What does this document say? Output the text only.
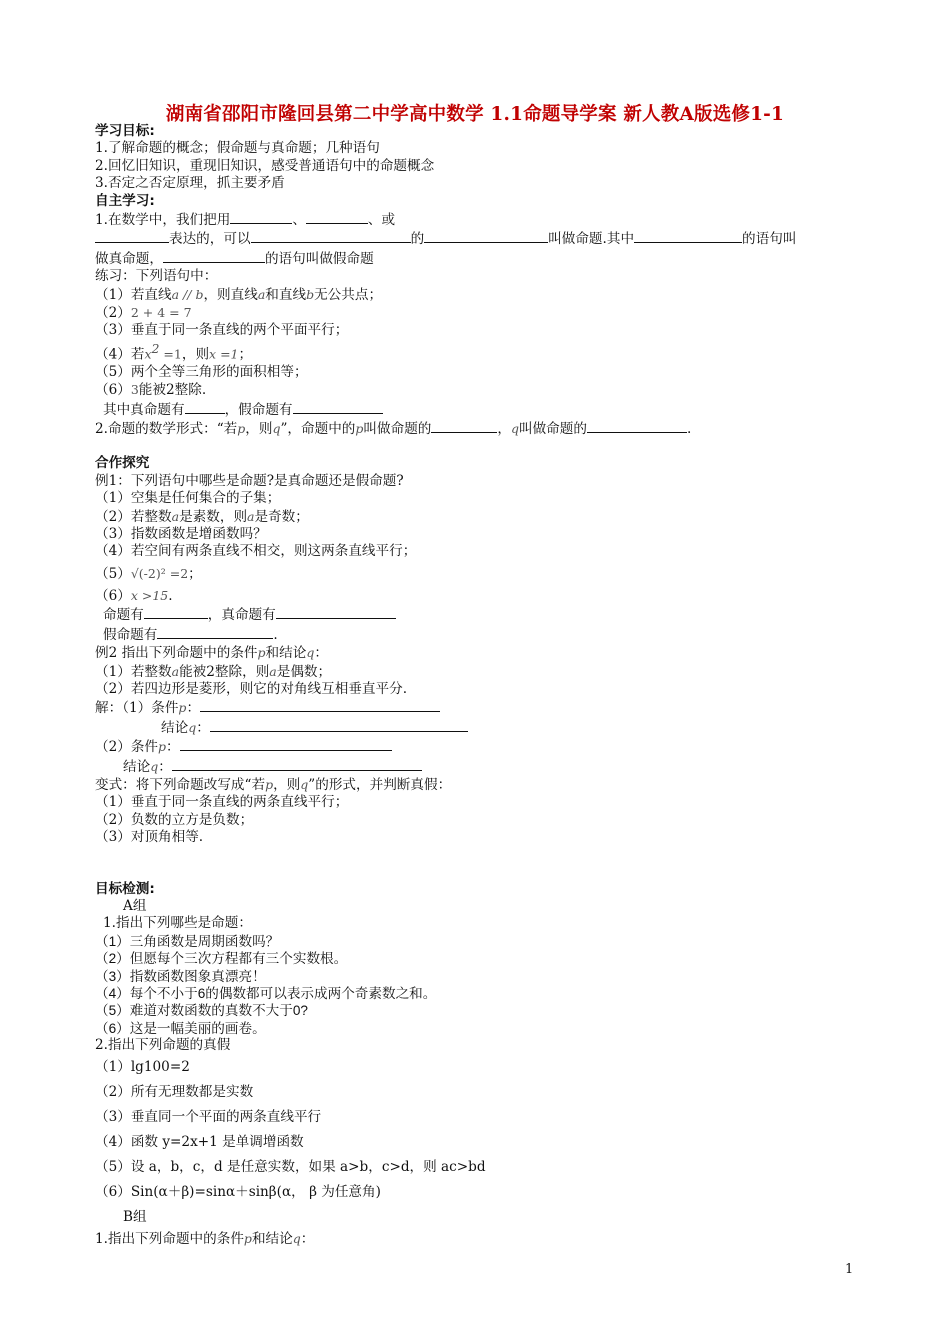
湖南省邵阳市隆回县第二中学高中数学 1.1命题导学案 新人教A版选修1-1
学习目标:
1.了解命题的概念；假命题与真命题；几种语句
2.回忆旧知识，重现旧知识，感受普通语句中的命题概念
3.否定之否定原理，抓主要矛盾
自主学习:
1.在数学中，我们把用	、	、或
表达的，可以	的	叫做命题.其中	的语句叫
做真命题，	的语句叫做假命题
练习：下列语句中：
（1）若直线a // b，则直线a和直线b无公共点；
（2）2 + 4 = 7
（3）垂直于同一条直线的两个平面平行；
（4）若$x^2 =1$，则x =1；
（5）两个全等三角形的面积相等；
（6）3能被2整除.
其中真命题有	，假命题有
2.命题的数学形式：“若p，则q”，命题中的p叫做命题的	，q叫做命题的	.
合作探究
例1：下列语句中哪些是命题?是真命题还是假命题?
（1）空集是任何集合的子集；
（2）若整数a是素数，则a是奇数；
（3）指数函数是增函数吗？
（4）若空间有两条直线不相交，则这两条直线平行；
（5）√(-2)² =2；
（6）x >15.
命题有	，真命题有
假命题有	.
例2 指出下列命题中的条件p和结论q：
（1）若整数a能被2整除，则a是偶数；
（2）若四边形是菱形，则它的对角线互相垂直平分.
解：（1）条件p：
结论q：
（2）条件p：
结论q：
变式：将下列命题改写成“若p，则q”的形式，并判断真假：
（1）垂直于同一条直线的两条直线平行；
（2）负数的立方是负数；
（3）对顶角相等.
目标检测:
A组
1.指出下列哪些是命题：
（1）三角函数是周期函数吗？
（2）但愿每个三次方程都有三个实数根。
（3）指数函数图象真漂亮！
（4）每个不小于6的偶数都可以表示成两个奇素数之和。
（5）难道对数函数的真数不大于0?
（6）这是一幅美丽的画卷。
2.指出下列命题的真假
（1）lg100=2
（2）所有无理数都是实数
（3）垂直同一个平面的两条直线平行
（4）函数 y=2x+1 是单调增函数
（5）设 a，b，c，d 是任意实数，如果 a>b，c>d，则 ac>bd
（6）Sin(α＋β)=sinα＋sinβ(α， β 为任意角)
B组
1.指出下列命题中的条件p和结论q：
1
